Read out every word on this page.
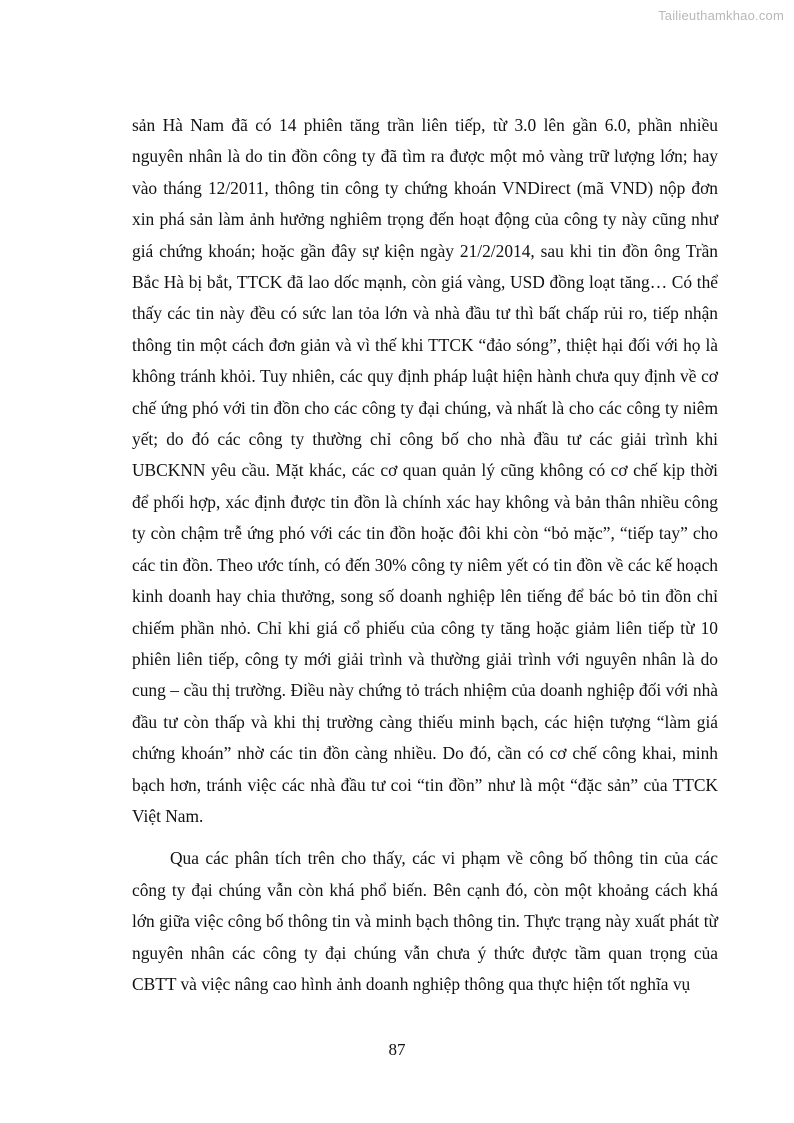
Tailieuthamkhao.com

sản Hà Nam đã có 14 phiên tăng trần liên tiếp, từ 3.0 lên gần 6.0, phần nhiều nguyên nhân là do tin đồn công ty đã tìm ra được một mỏ vàng trữ lượng lớn; hay vào tháng 12/2011, thông tin công ty chứng khoán VNDirect (mã VND) nộp đơn xin phá sản làm ảnh hưởng nghiêm trọng đến hoạt động của công ty này cũng như giá chứng khoán; hoặc gần đây sự kiện ngày 21/2/2014, sau khi tin đồn ông Trần Bắc Hà bị bắt, TTCK đã lao dốc mạnh, còn giá vàng, USD đồng loạt tăng… Có thể thấy các tin này đều có sức lan tỏa lớn và nhà đầu tư thì bất chấp rủi ro, tiếp nhận thông tin một cách đơn giản và vì thế khi TTCK “đảo sóng”, thiệt hại đối với họ là không tránh khỏi. Tuy nhiên, các quy định pháp luật hiện hành chưa quy định về cơ chế ứng phó với tin đồn cho các công ty đại chúng, và nhất là cho các công ty niêm yết; do đó các công ty thường chỉ công bố cho nhà đầu tư các giải trình khi UBCKNN yêu cầu. Mặt khác, các cơ quan quản lý cũng không có cơ chế kịp thời để phối hợp, xác định được tin đồn là chính xác hay không và bản thân nhiều công ty còn chậm trễ ứng phó với các tin đồn hoặc đôi khi còn “bỏ mặc”, “tiếp tay” cho các tin đồn. Theo ước tính, có đến 30% công ty niêm yết có tin đồn về các kế hoạch kinh doanh hay chia thưởng, song số doanh nghiệp lên tiếng để bác bỏ tin đồn chỉ chiếm phần nhỏ. Chỉ khi giá cổ phiếu của công ty tăng hoặc giảm liên tiếp từ 10 phiên liên tiếp, công ty mới giải trình và thường giải trình với nguyên nhân là do cung – cầu thị trường. Điều này chứng tỏ trách nhiệm của doanh nghiệp đối với nhà đầu tư còn thấp và khi thị trường càng thiếu minh bạch, các hiện tượng “làm giá chứng khoán” nhờ các tin đồn càng nhiều. Do đó, cần có cơ chế công khai, minh bạch hơn, tránh việc các nhà đầu tư coi “tin đồn” như là một “đặc sản” của TTCK Việt Nam.

Qua các phân tích trên cho thấy, các vi phạm về công bố thông tin của các công ty đại chúng vẫn còn khá phổ biến. Bên cạnh đó, còn một khoảng cách khá lớn giữa việc công bố thông tin và minh bạch thông tin. Thực trạng này xuất phát từ nguyên nhân các công ty đại chúng vẫn chưa ý thức được tầm quan trọng của CBTT và việc nâng cao hình ảnh doanh nghiệp thông qua thực hiện tốt nghĩa vụ

87
